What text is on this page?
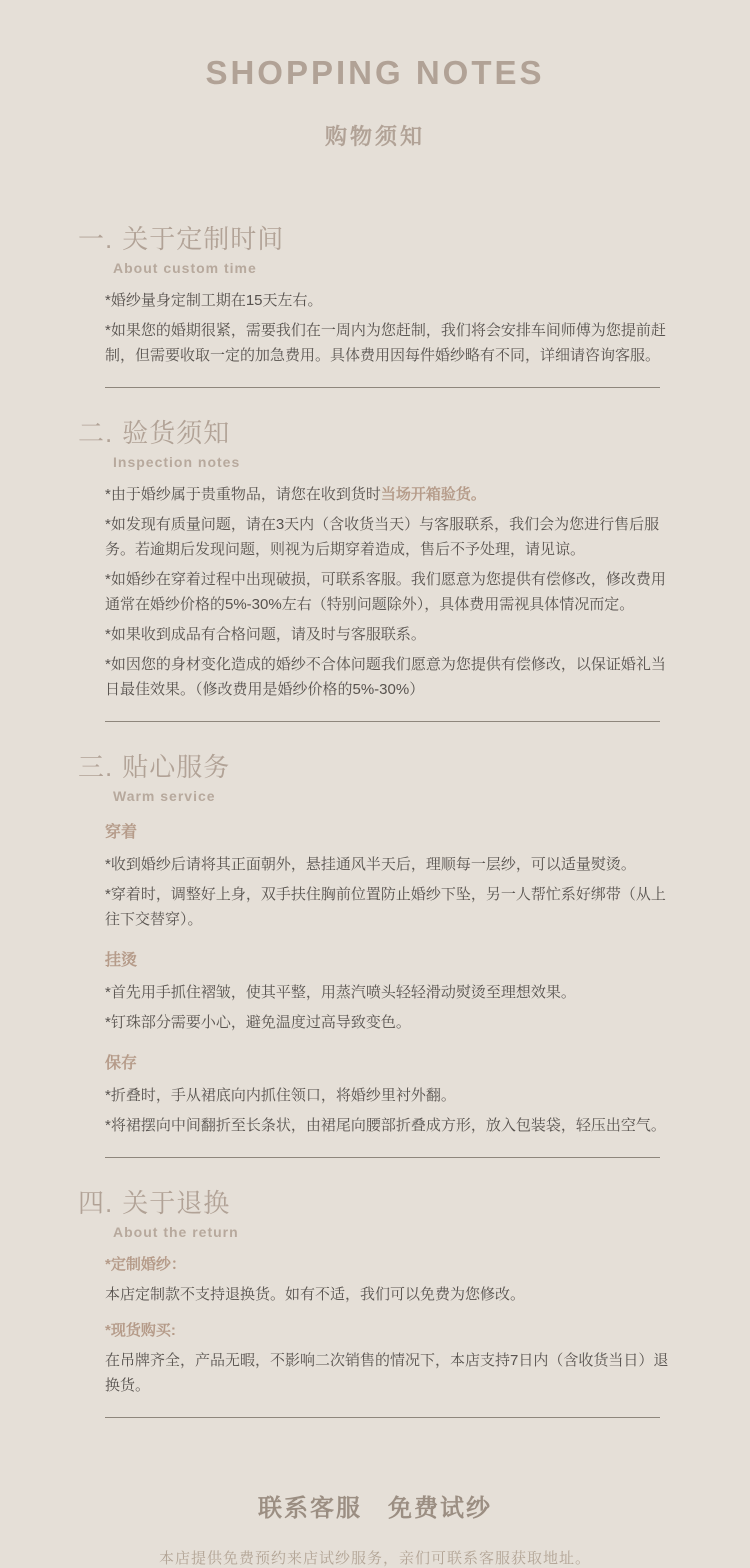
SHOPPING NOTES
购物须知
一. 关于定制时间
About custom time

*婚纱量身定制工期在15天左右。

*如果您的婚期很紧，需要我们在一周内为您赶制，我们将会安排车间师傅为您提前赶制，但需要收取一定的加急费用。具体费用因每件婚纱略有不同，详细请咨询客服。

二. 验货须知
Inspection notes

*由于婚纱属于贵重物品，请您在收到货时当场开箱验货。

*如发现有质量问题，请在3天内（含收货当天）与客服联系，我们会为您进行售后服务。若逾期后发现问题，则视为后期穿着造成，售后不予处理，请见谅。

*如婚纱在穿着过程中出现破损，可联系客服。我们愿意为您提供有偿修改，修改费用通常在婚纱价格的5%-30%左右（特别问题除外），具体费用需视具体情况而定。

*如果收到成品有合格问题，请及时与客服联系。

*如因您的身材变化造成的婚纱不合体问题我们愿意为您提供有偿修改，以保证婚礼当日最佳效果。（修改费用是婚纱价格的5%-30%）

三. 贴心服务
Warm service
穿着

*收到婚纱后请将其正面朝外，悬挂通风半天后，理顺每一层纱，可以适量熨烫。

*穿着时，调整好上身，双手扶住胸前位置防止婚纱下坠，另一人帮忙系好绑带（从上往下交替穿）。

挂烫

*首先用手抓住褶皱，使其平整，用蒸汽喷头轻轻滑动熨烫至理想效果。

*钉珠部分需要小心，避免温度过高导致变色。

保存

*折叠时，手从裙底向内抓住领口，将婚纱里衬外翻。

*将裙摆向中间翻折至长条状，由裙尾向腰部折叠成方形，放入包装袋，轻压出空气。

四. 关于退换
About the return
*定制婚纱：

本店定制款不支持退换货。如有不适，我们可以免费为您修改。

*现货购买:

在吊牌齐全，产品无暇，不影响二次销售的情况下，本店支持7日内（含收货当日）退换货。

联系客服　免费试纱
本店提供免费预约来店试纱服务，亲们可联系客服获取地址。
